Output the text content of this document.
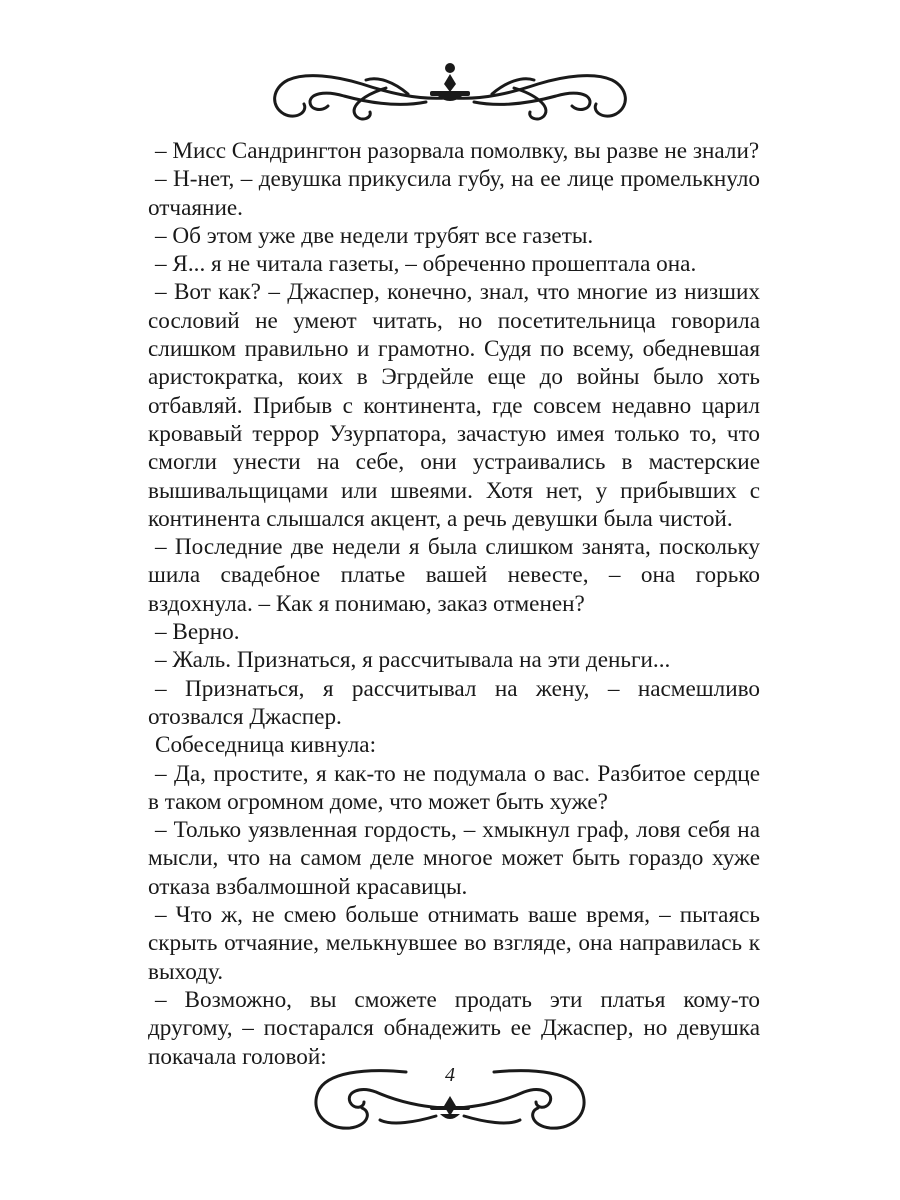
– Мисс Сандрингтон разорвала помолвку, вы разве не знали?

– Н-нет, – девушка прикусила губу, на ее лице промелькнуло отчаяние.

– Об этом уже две недели трубят все газеты.

– Я... я не читала газеты, – обреченно прошептала она.

– Вот как? – Джаспер, конечно, знал, что многие из низших сословий не умеют читать, но посетительница говорила слишком правильно и грамотно. Судя по всему, обедневшая аристократка, коих в Эгрдейле еще до войны было хоть отбавляй. Прибыв с континента, где совсем недавно царил кровавый террор Узурпатора, зачастую имея только то, что смогли унести на себе, они устраивались в мастерские вышивальщицами или швеями. Хотя нет, у прибывших с континента слышался акцент, а речь девушки была чистой.

– Последние две недели я была слишком занята, поскольку шила свадебное платье вашей невесте, – она горько вздохнула. – Как я понимаю, заказ отменен?

– Верно.

– Жаль. Признаться, я рассчитывала на эти деньги...

– Признаться, я рассчитывал на жену, – насмешливо отозвался Джаспер.

Собеседница кивнула:

– Да, простите, я как-то не подумала о вас. Разбитое сердце в таком огромном доме, что может быть хуже?

– Только уязвленная гордость, – хмыкнул граф, ловя себя на мысли, что на самом деле многое может быть гораздо хуже отказа взбалмошной красавицы.

– Что ж, не смею больше отнимать ваше время, – пытаясь скрыть отчаяние, мелькнувшее во взгляде, она направилась к выходу.

– Возможно, вы сможете продать эти платья кому-то другому, – постарался обнадежить ее Джаспер, но девушка покачала головой:

4
